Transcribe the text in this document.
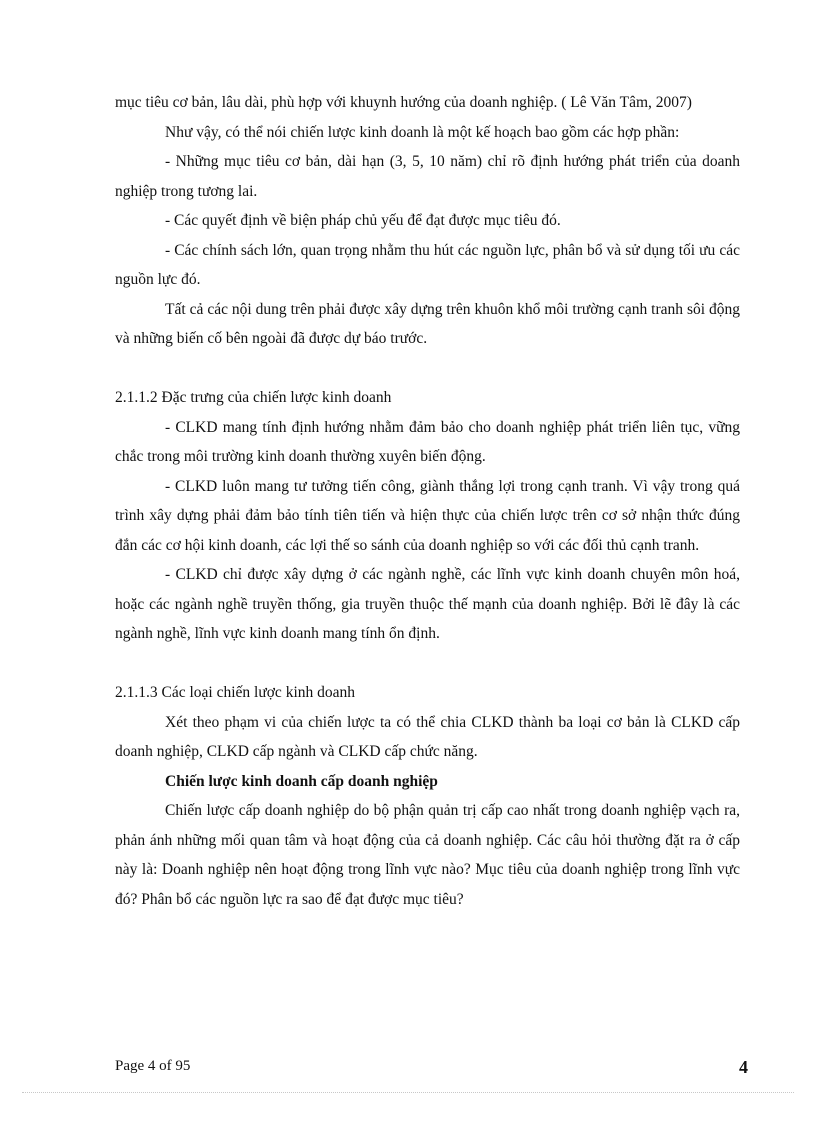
mục tiêu cơ bản, lâu dài, phù hợp với khuynh hướng của doanh nghiệp. ( Lê Văn Tâm, 2007)

Như vậy, có thể nói chiến lược kinh doanh là một kế hoạch bao gồm các hợp phần:

- Những mục tiêu cơ bản, dài hạn (3, 5, 10 năm) chỉ rõ định hướng phát triển của doanh nghiệp trong tương lai.

- Các quyết định về biện pháp chủ yếu để đạt được mục tiêu đó.

- Các chính sách lớn, quan trọng nhằm thu hút các nguồn lực, phân bổ và sử dụng tối ưu các nguồn lực đó.

Tất cả các nội dung trên phải được xây dựng trên khuôn khổ môi trường cạnh tranh sôi động và những biến cố bên ngoài đã được dự báo trước.

2.1.1.2 Đặc trưng của chiến lược kinh doanh

- CLKD mang tính định hướng nhằm đảm bảo cho doanh nghiệp phát triển liên tục, vững chắc trong môi trường kinh doanh thường xuyên biến động.

- CLKD luôn mang tư tưởng tiến công, giành thắng lợi trong cạnh tranh. Vì vậy trong quá trình xây dựng phải đảm bảo tính tiên tiến và hiện thực của chiến lược trên cơ sở nhận thức đúng đắn các cơ hội kinh doanh, các lợi thế so sánh của doanh nghiệp so với các đối thủ cạnh tranh.

- CLKD chỉ được xây dựng ở các ngành nghề, các lĩnh vực kinh doanh chuyên môn hoá, hoặc các ngành nghề truyền thống, gia truyền thuộc thế mạnh của doanh nghiệp. Bởi lẽ đây là các ngành nghề, lĩnh vực kinh doanh mang tính ổn định.

2.1.1.3 Các loại chiến lược kinh doanh

Xét theo phạm vi của chiến lược ta có thể chia CLKD thành ba loại cơ bản là CLKD cấp doanh nghiệp, CLKD cấp ngành và CLKD cấp chức năng.

Chiến lược kinh doanh cấp doanh nghiệp

Chiến lược cấp doanh nghiệp do bộ phận quản trị cấp cao nhất trong doanh nghiệp vạch ra, phản ánh những mối quan tâm và hoạt động của cả doanh nghiệp. Các câu hỏi thường đặt ra ở cấp này là: Doanh nghiệp nên hoạt động trong lĩnh vực nào? Mục tiêu của doanh nghiệp trong lĩnh vực đó? Phân bổ các nguồn lực ra sao để đạt được mục tiêu?

Page 4 of 95	4
